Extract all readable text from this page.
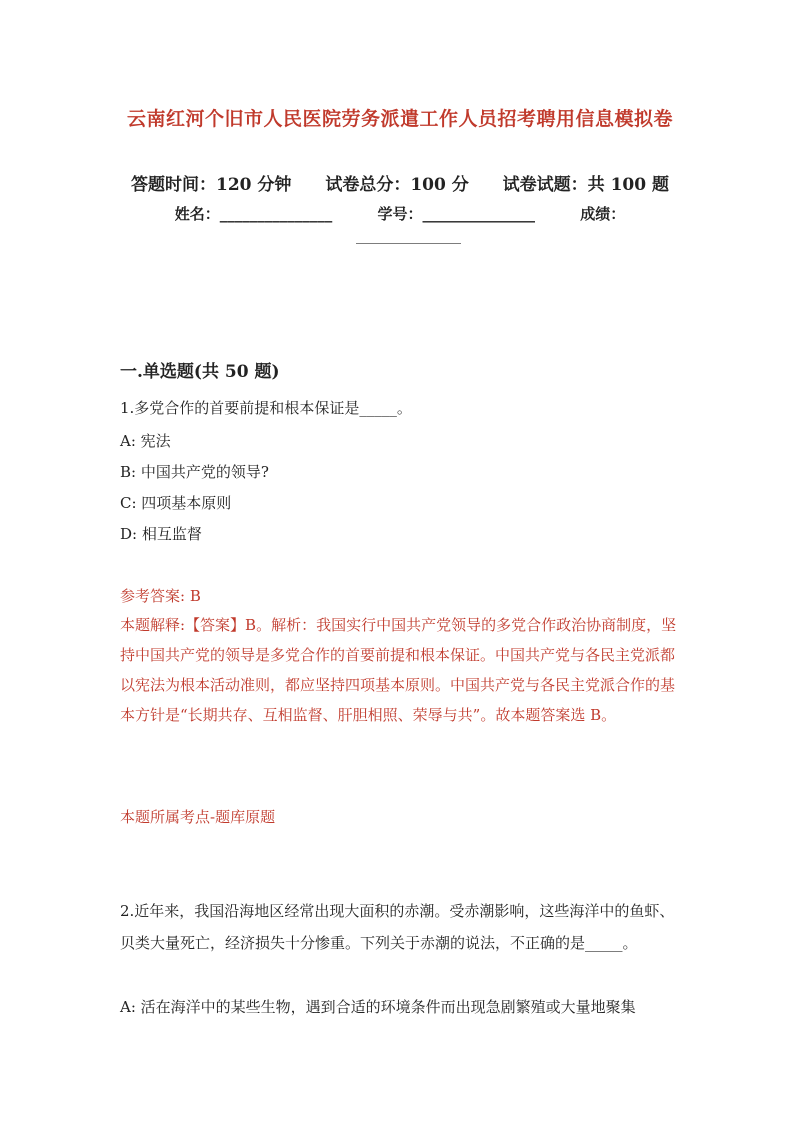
云南红河个旧市人民医院劳务派遣工作人员招考聘用信息模拟卷
答题时间：120 分钟 试卷总分：100 分 试卷试题：共 100 题
姓名：_______________	学号：_______________	成绩：
______________
一.单选题(共 50 题)
1.多党合作的首要前提和根本保证是_____。
A: 宪法
B: 中国共产党的领导?
C: 四项基本原则
D: 相互监督
参考答案: B
本题解释:【答案】B。解析：我国实行中国共产党领导的多党合作政治协商制度，坚持中国共产党的领导是多党合作的首要前提和根本保证。中国共产党与各民主党派都以宪法为根本活动准则，都应坚持四项基本原则。中国共产党与各民主党派合作的基本方针是“长期共存、互相监督、肝胆相照、荣辱与共”。故本题答案选 B。
本题所属考点-题库原题
2.近年来，我国沿海地区经常出现大面积的赤潮。受赤潮影响，这些海洋中的鱼虾、贝类大量死亡，经济损失十分惨重。下列关于赤潮的说法，不正确的是_____。
A: 活在海洋中的某些生物，遇到合适的环境条件而出现急剧繁殖或大量地聚集
